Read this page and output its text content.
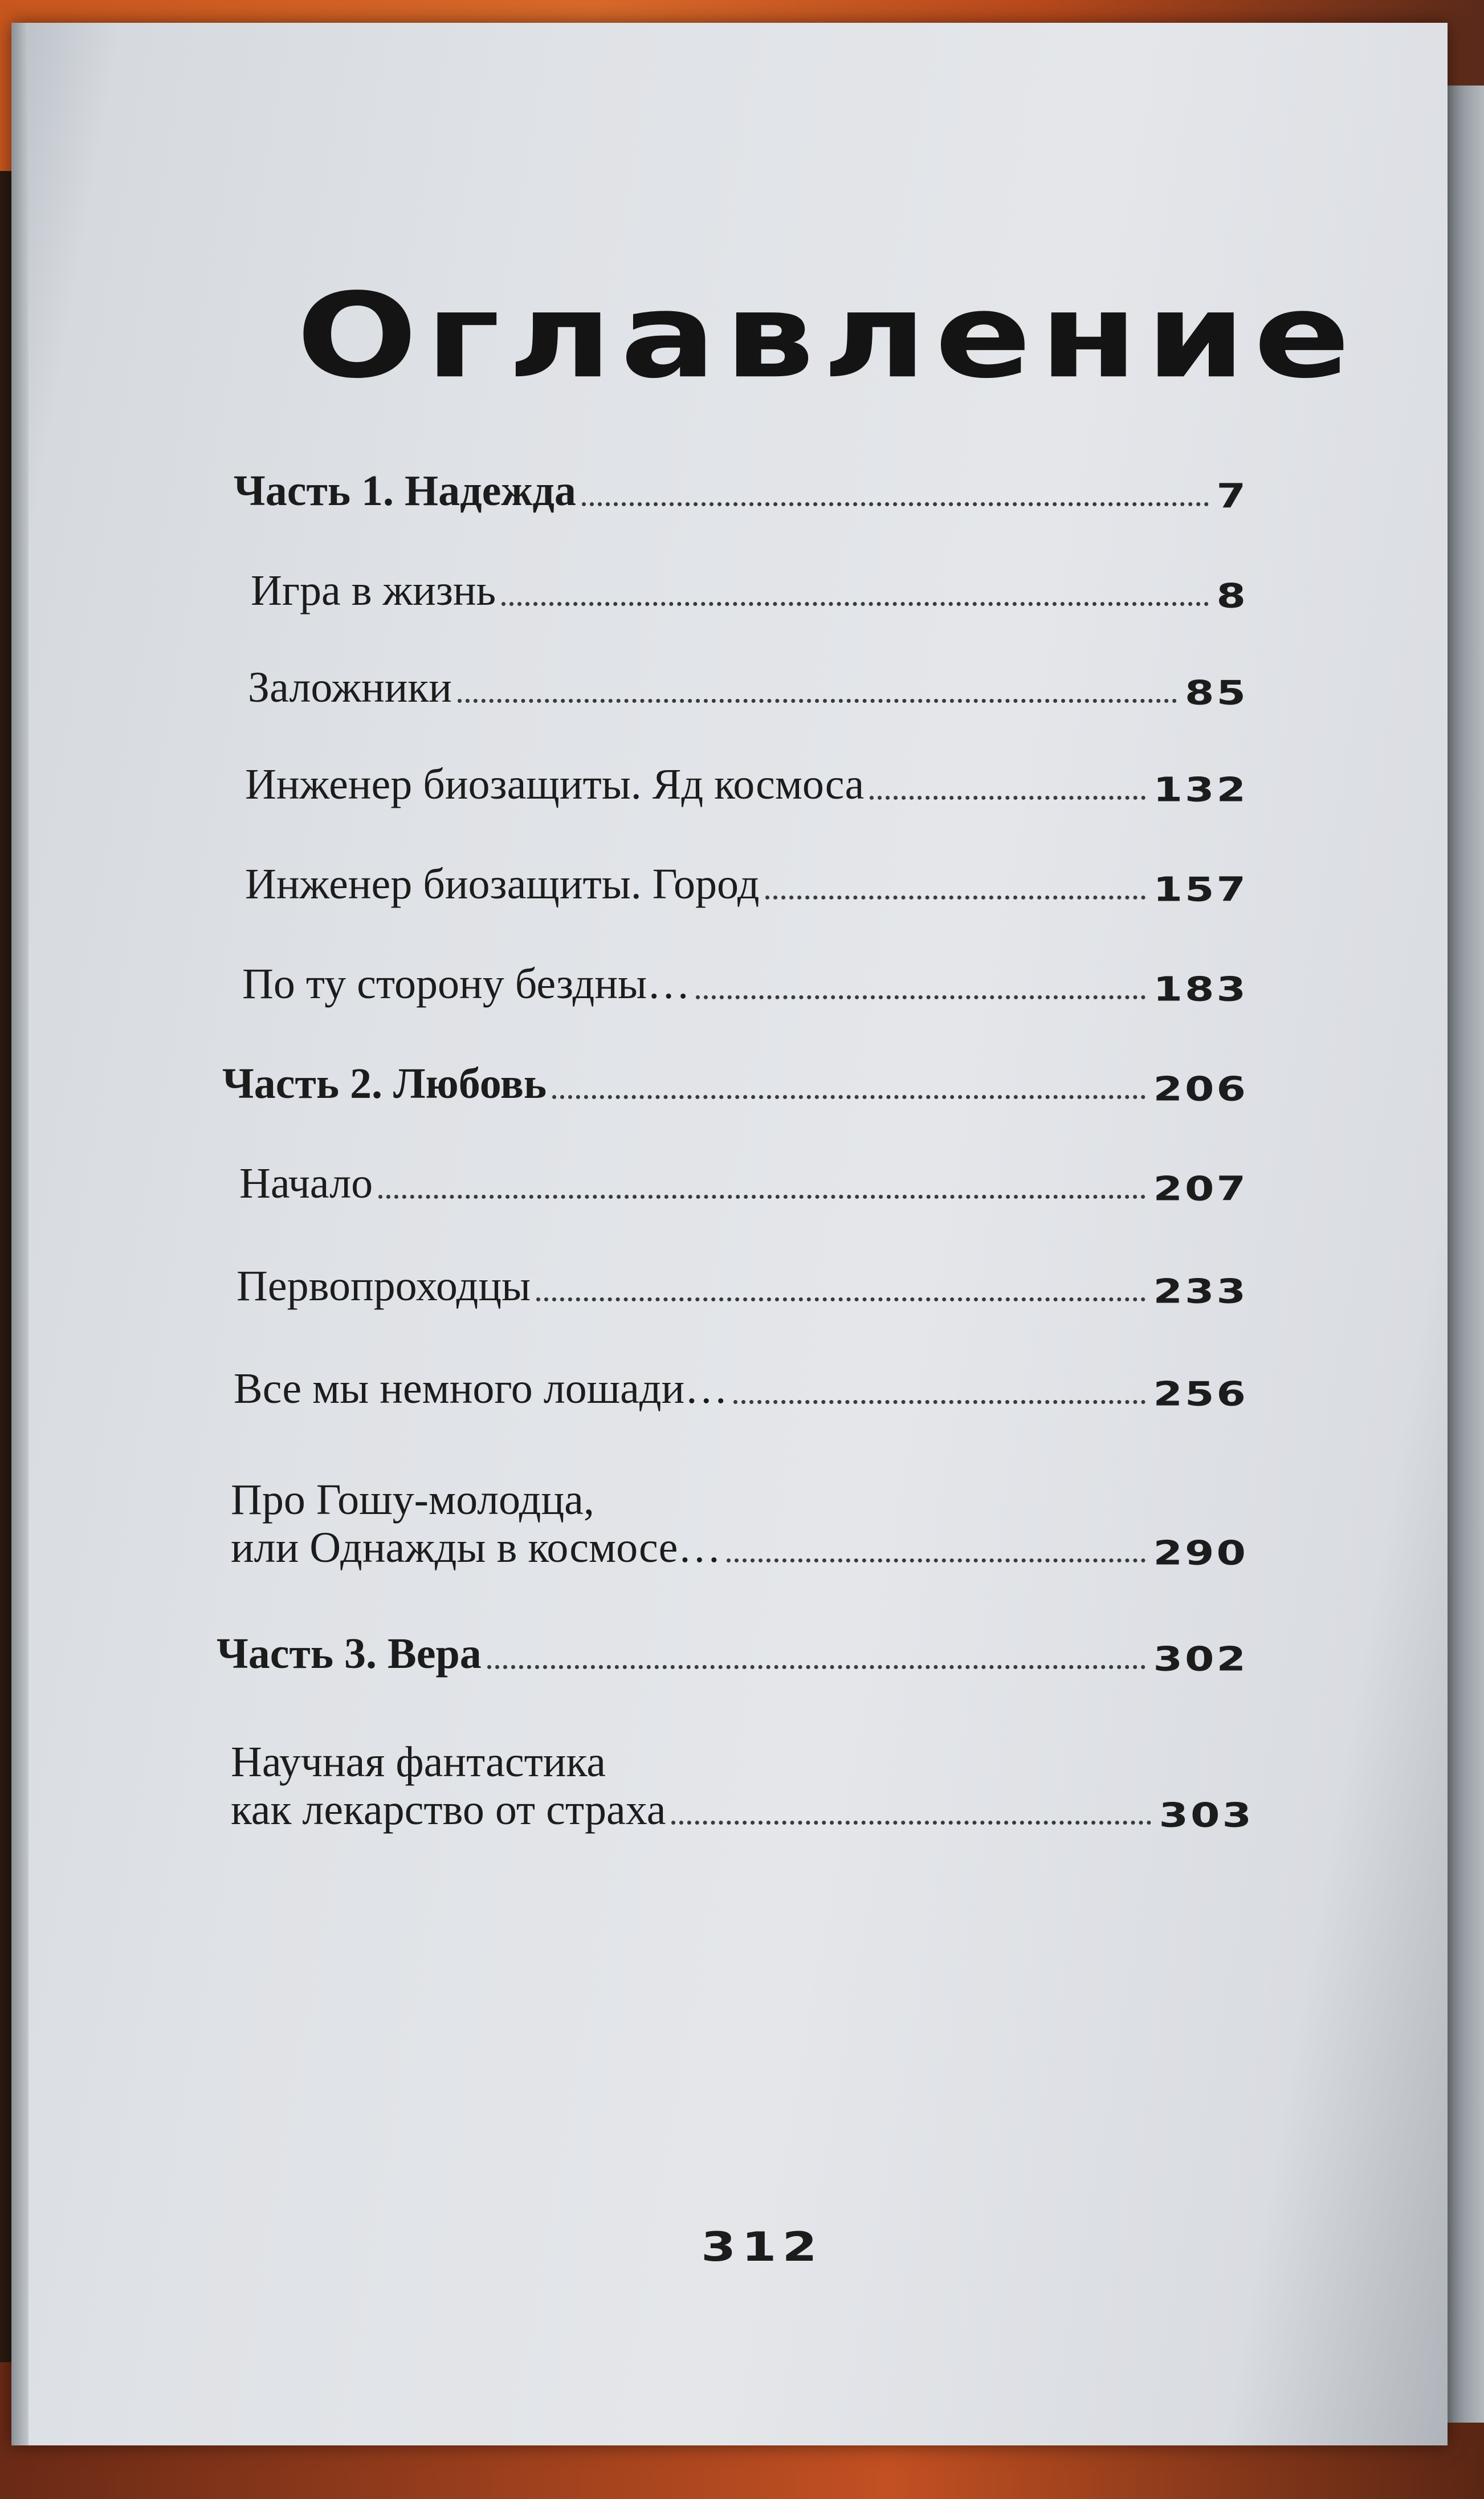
Оглавление
Часть 1. Надежда	7
Игра в жизнь	8
Заложники	85
Инженер биозащиты. Яд космоса	132
Инженер биозащиты. Город	157
По ту сторону бездны…	183
Часть 2. Любовь	206
Начало	207
Первопроходцы	233
Все мы немного лошади…	256
Про Гошу-молодца,
или Однажды в космосе…	290
Часть 3. Вера	302
Научная фантастика
как лекарство от страха	303
312
